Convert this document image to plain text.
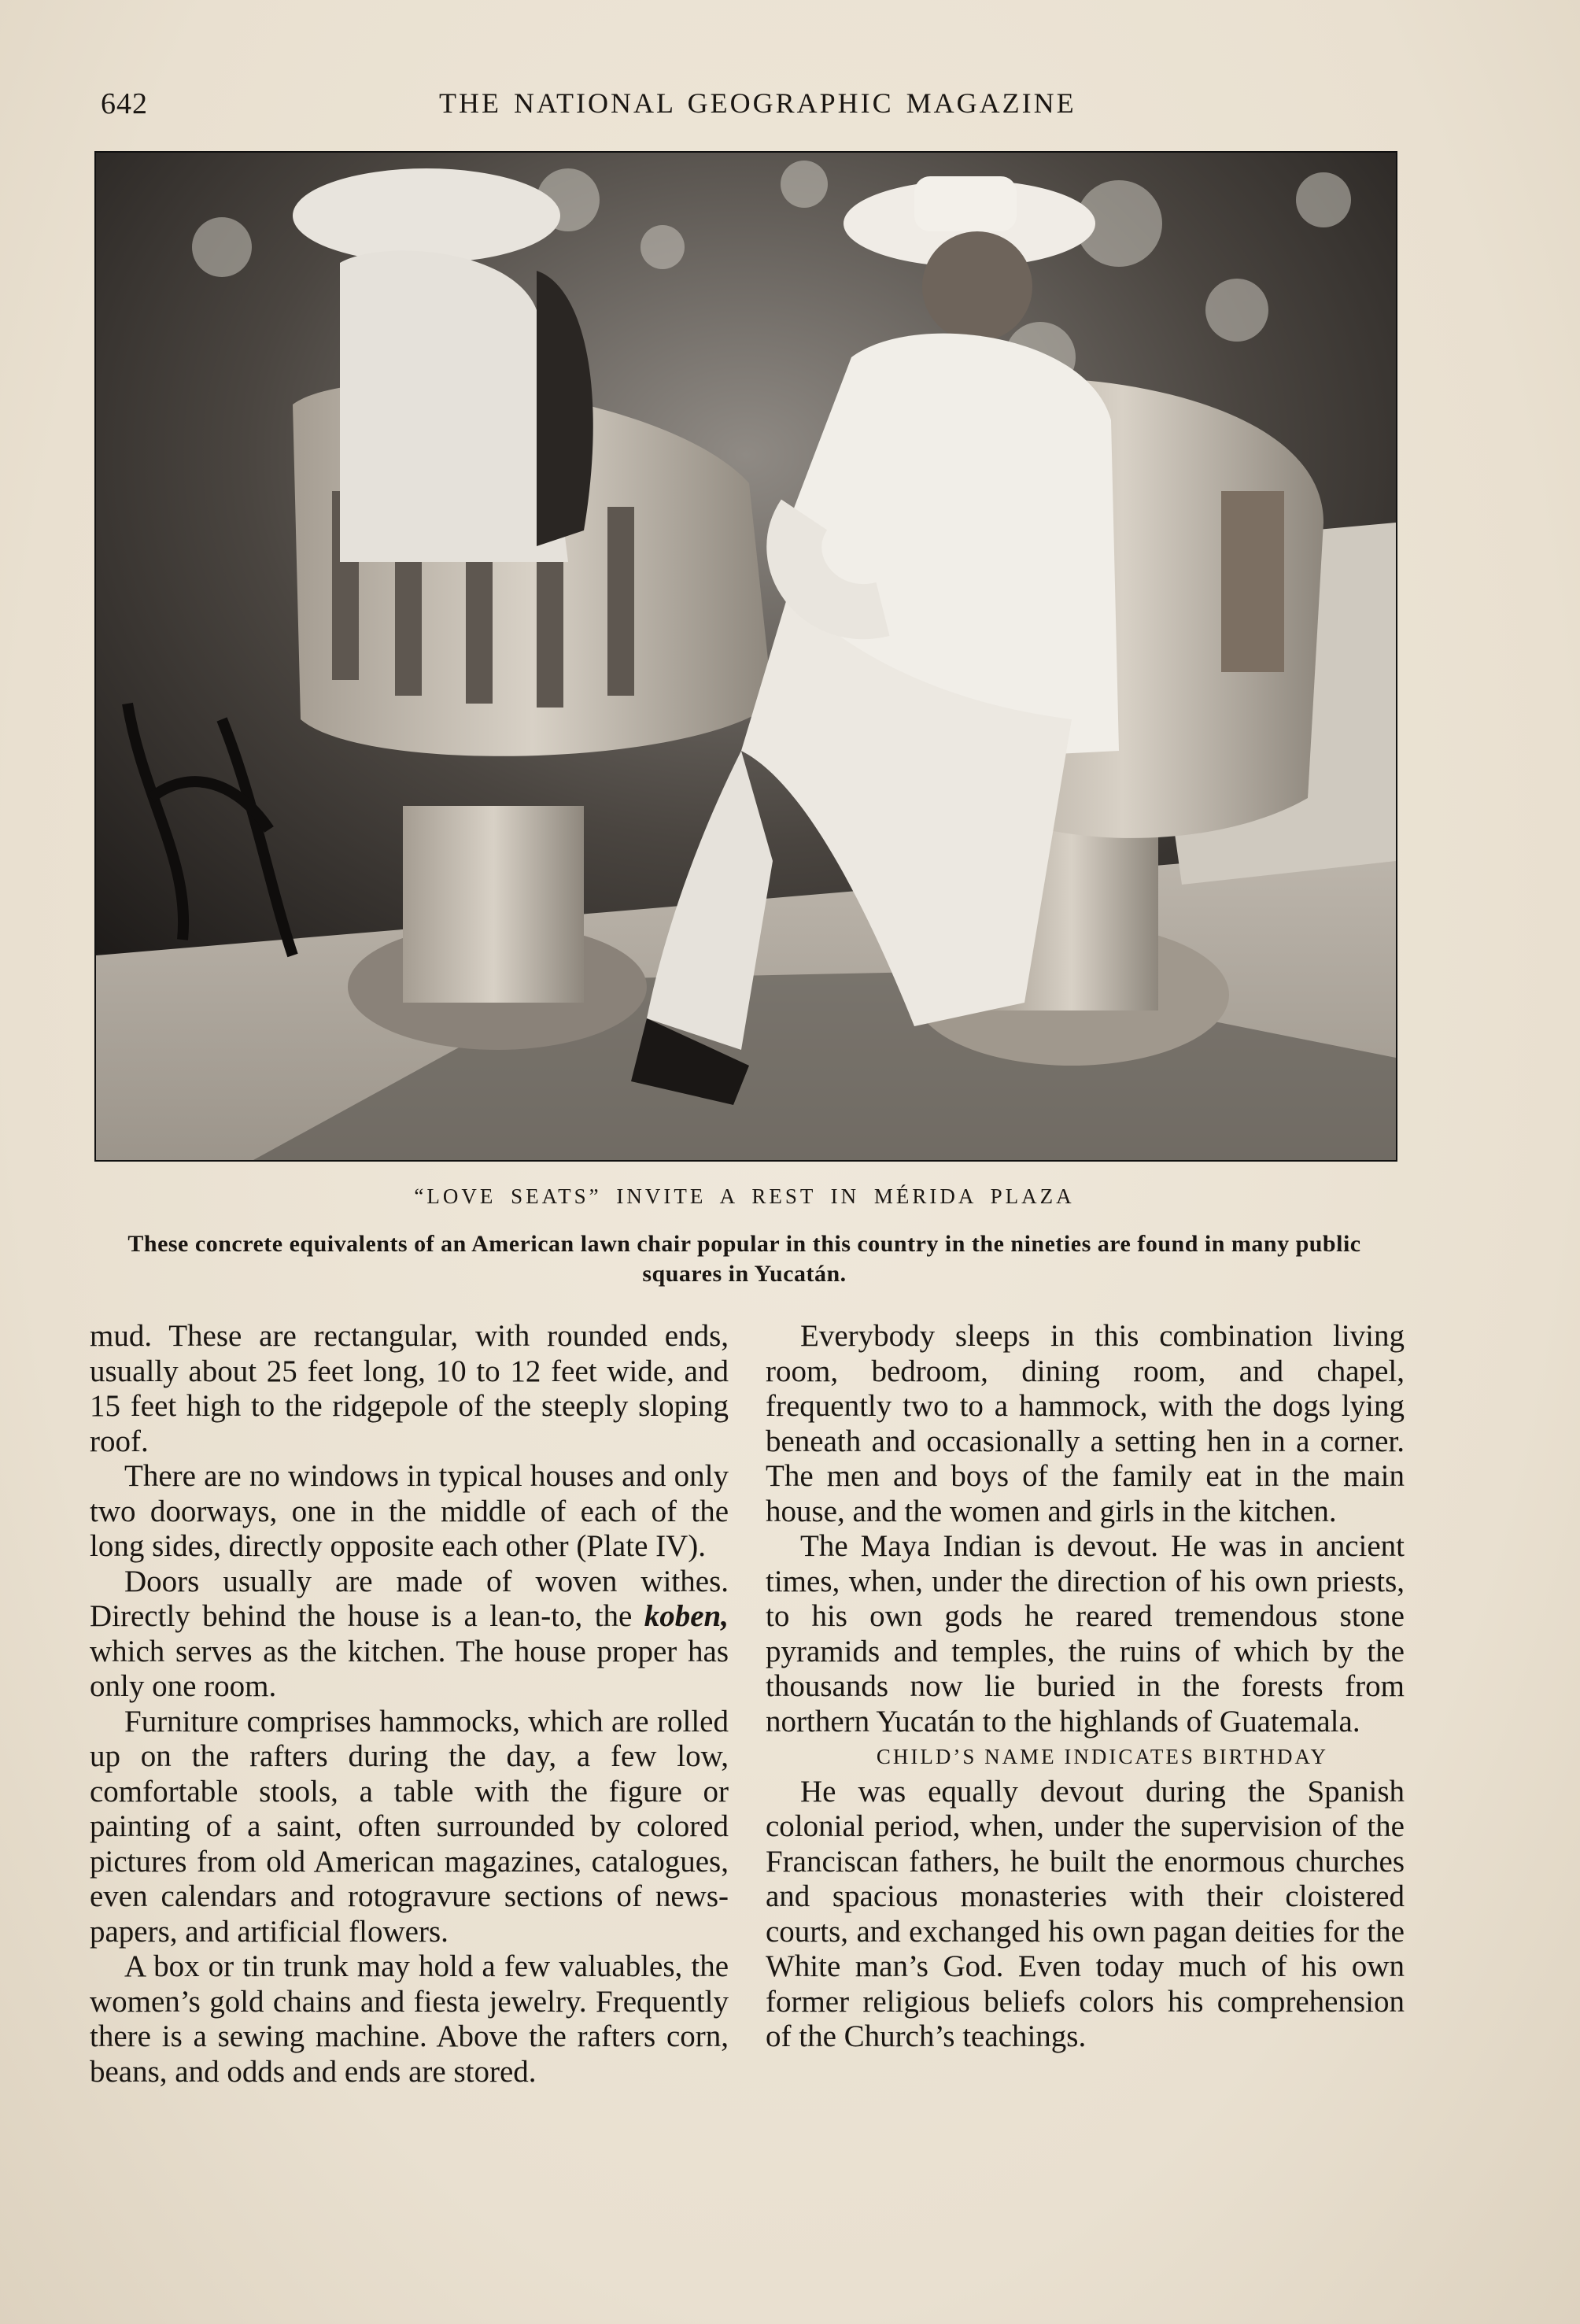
642	THE NATIONAL GEOGRAPHIC MAGAZINE
“LOVE SEATS” INVITE A REST IN MÉRIDA PLAZA
These concrete equivalents of an American lawn chair popular in this country in the nineties are found in many public squares in Yucatán.

mud. These are rectangular, with rounded ends, usually about 25 feet long, 10 to 12 feet wide, and 15 feet high to the ridgepole of the steeply sloping roof.

There are no windows in typical houses and only two doorways, one in the middle of each of the long sides, directly opposite each other (Plate IV).

Doors usually are made of woven withes. Directly behind the house is a lean-to, the koben, which serves as the kitchen. The house proper has only one room.

Furniture comprises hammocks, which are rolled up on the rafters during the day, a few low, comfortable stools, a table with the figure or painting of a saint, often surrounded by colored pictures from old American magazines, catalogues, even calendars and rotogravure sections of newspapers, and artificial flowers.

A box or tin trunk may hold a few valuables, the women’s gold chains and fiesta jewelry. Frequently there is a sewing machine. Above the rafters corn, beans, and odds and ends are stored.

Everybody sleeps in this combination living room, bedroom, dining room, and chapel, frequently two to a hammock, with the dogs lying beneath and occasionally a setting hen in a corner. The men and boys of the family eat in the main house, and the women and girls in the kitchen.

The Maya Indian is devout. He was in ancient times, when, under the direction of his own priests, to his own gods he reared tremendous stone pyramids and temples, the ruins of which by the thousands now lie buried in the forests from northern Yucatán to the highlands of Guatemala.

CHILD’S NAME INDICATES BIRTHDAY

He was equally devout during the Spanish colonial period, when, under the supervision of the Franciscan fathers, he built the enormous churches and spacious monasteries with their cloistered courts, and exchanged his own pagan deities for the White man’s God. Even today much of his own former religious beliefs colors his comprehension of the Church’s teachings.
